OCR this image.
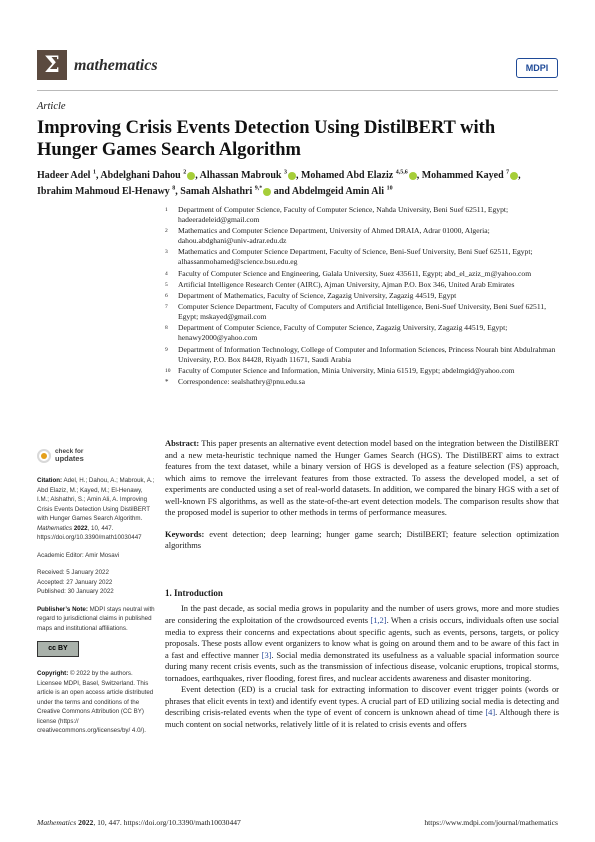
Σ mathematics	MDPI
Article
Improving Crisis Events Detection Using DistilBERT with Hunger Games Search Algorithm
Hadeer Adel $^1$, Abdelghani Dahou $^2$ , Alhassan Mabrouk $^3$ , Mohamed Abd Elaziz $^{4,5,6}$ , Mohammed Kayed $^7$ ,
Ibrahim Mahmoud El-Henawy $^8$, Samah Alshathri $^{9,*}$ and Abdelmgeid Amin Ali $^{10}$
1 Department of Computer Science, Faculty of Computer Science, Nahda University, Beni Suef 62511, Egypt; hadeeradeleid@gmail.com
2 Mathematics and Computer Science Department, University of Ahmed DRAIA, Adrar 01000, Algeria; dahou.abdghani@univ-adrar.edu.dz
3 Mathematics and Computer Science Department, Faculty of Science, Beni-Suef University, Beni Suef 62511, Egypt; alhassanmohamed@science.bsu.edu.eg
4 Faculty of Computer Science and Engineering, Galala University, Suez 435611, Egypt; abd_el_aziz_m@yahoo.com
5 Artificial Intelligence Research Center (AIRC), Ajman University, Ajman P.O. Box 346, United Arab Emirates
6 Department of Mathematics, Faculty of Science, Zagazig University, Zagazig 44519, Egypt
7 Computer Science Department, Faculty of Computers and Artificial Intelligence, Beni-Suef University, Beni Suef 62511, Egypt; mskayed@gmail.com
8 Department of Computer Science, Faculty of Computer Science, Zagazig University, Zagazig 44519, Egypt; henawy2000@yahoo.com
9 Department of Information Technology, College of Computer and Information Sciences, Princess Nourah bint Abdulrahman University, P.O. Box 84428, Riyadh 11671, Saudi Arabia
10 Faculty of Computer Science and Information, Minia University, Minia 61519, Egypt; abdelmgid@yahoo.com
* Correspondence: sealshathry@pnu.edu.sa
check for
updates

Citation: Adel, H.; Dahou, A.; Mabrouk, A.; Abd Elaziz, M.; Kayed, M.; El-Henawy, I.M.; Alshathri, S.; Amin Ali, A. Improving Crisis Events Detection Using DistilBERT with Hunger Games Search Algorithm. Mathematics 2022, 10, 447. https://doi.org/10.3390/math10030447

Academic Editor: Amir Mosavi

Received: 5 January 2022
Accepted: 27 January 2022
Published: 30 January 2022

Publisher’s Note: MDPI stays neutral with regard to jurisdictional claims in published maps and institutional affiliations.

cc BY

Copyright: © 2022 by the authors. Licensee MDPI, Basel, Switzerland. This article is an open access article distributed under the terms and conditions of the Creative Commons Attribution (CC BY) license (https:// creativecommons.org/licenses/by/ 4.0/).

Abstract: This paper presents an alternative event detection model based on the integration between the DistilBERT and a new meta-heuristic technique named the Hunger Games Search (HGS). The DistilBERT aims to extract features from the text dataset, while a binary version of HGS is developed as a feature selection (FS) approach, which aims to remove the irrelevant features from those extracted. To assess the developed model, a set of experiments are conducted using a set of real-world datasets. In addition, we compared the binary HGS with a set of well-known FS algorithms, as well as the state-of-the-art event detection models. The comparison results show that the proposed model is superior to other methods in terms of performance measures.

Keywords: event detection; deep learning; hunger game search; DistilBERT; feature selection optimization algorithms

1. Introduction

In the past decade, as social media grows in popularity and the number of users grows, more and more studies are considering the exploitation of the crowdsourced events [1,2]. When a crisis occurs, individuals often use social media to express their concerns and expectations about specific agents, such as events, persons, targets, or policy proposals. These posts allow event organizers to know what is going on around them and to be aware of this fact in a fast and effective manner [3]. Social media demonstrated its usefulness as a valuable spacial information source during many recent crisis events, such as the transmission of infectious disease, volcanic eruptions, tropical storms, tornadoes, earthquakes, river flooding, forest fires, and nuclear accidents awareness and disaster monitoring.

Event detection (ED) is a crucial task for extracting information to discover event trigger points (words or phrases that elicit events in text) and identify event types. A crucial part of ED utilizing social media is detecting and describing crisis-related events when the type of event of concern is unknown ahead of time [4]. Although there is much content on social networks, relatively little of it is related to crisis events and offers

Mathematics 2022, 10, 447. https://doi.org/10.3390/math10030447	https://www.mdpi.com/journal/mathematics
